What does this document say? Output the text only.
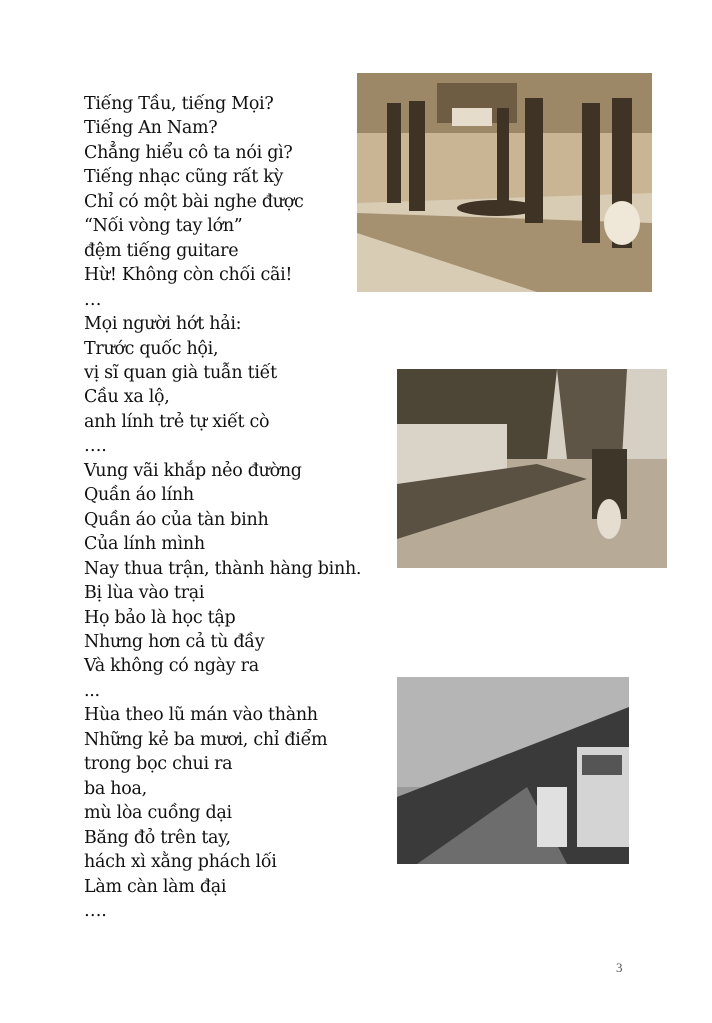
Tiếng Tầu, tiếng Mọi?
Tiếng An Nam?
Chẳng hiểu cô ta nói gì?
Tiếng nhạc cũng rất kỳ
Chỉ có một bài nghe được
“Nối vòng tay lớn”
đệm tiếng guitare
Hừ! Không còn chối cãi!
…
Mọi người hớt hải:
Trước quốc hội,
vị sĩ quan già tuẫn tiết
Cầu xa lộ,
anh lính trẻ tự xiết cò
….
Vung vãi khắp nẻo đường
Quần áo lính
Quần áo của tàn binh
Của lính mình
Nay thua trận, thành hàng binh.
Bị lùa vào trại
Họ bảo là học tập
Nhưng hơn cả tù đầy
Và không có ngày ra
...
Hùa theo lũ mán vào thành
Những kẻ ba mươi, chỉ điểm
trong bọc chui ra
ba hoa,
mù lòa cuồng dại
Băng đỏ trên tay,
hách xì xằng phách lối
Làm càn làm đại
….
3
